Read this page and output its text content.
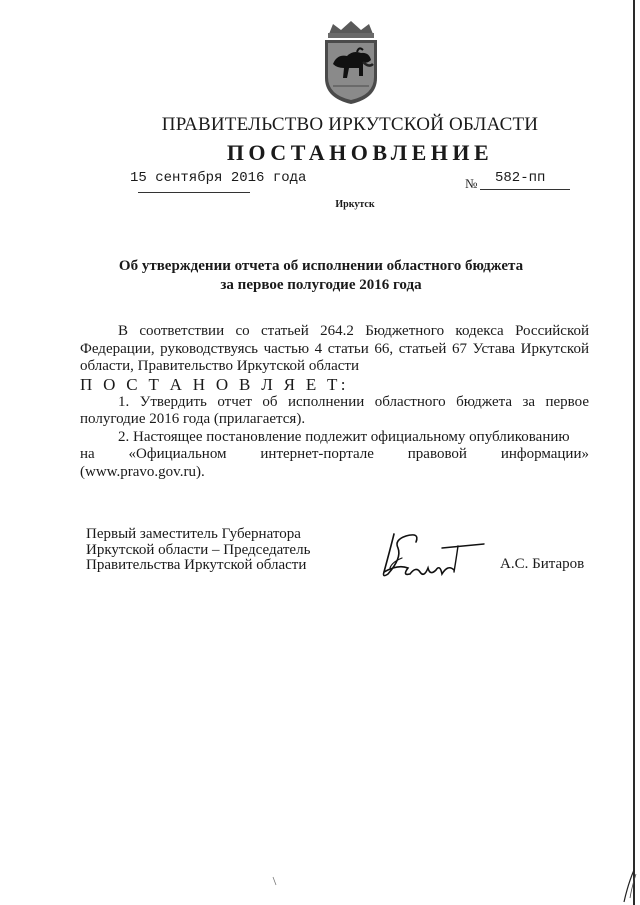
ПРАВИТЕЛЬСТВО ИРКУТСКОЙ ОБЛАСТИ
ПОСТАНОВЛЕНИЕ
15 сентября 2016 года	№ 582-пп
Иркутск
Об утверждении отчета об исполнении областного бюджета
за первое полугодие 2016 года

В соответствии со статьей 264.2 Бюджетного кодекса Российской Федерации, руководствуясь частью 4 статьи 66, статьей 67 Устава Иркутской области, Правительство Иркутской области

П О С Т А Н О В Л Я Е Т:

1. Утвердить отчет об исполнении областного бюджета за первое полугодие 2016 года (прилагается).

2. Настоящее постановление подлежит официальному опубликованию

на «Официальном интернет-портале правовой информации»

(www.pravo.gov.ru).

Первый заместитель Губернатора
Иркутской области – Председатель
Правительства Иркутской области	А.С. Битаров
